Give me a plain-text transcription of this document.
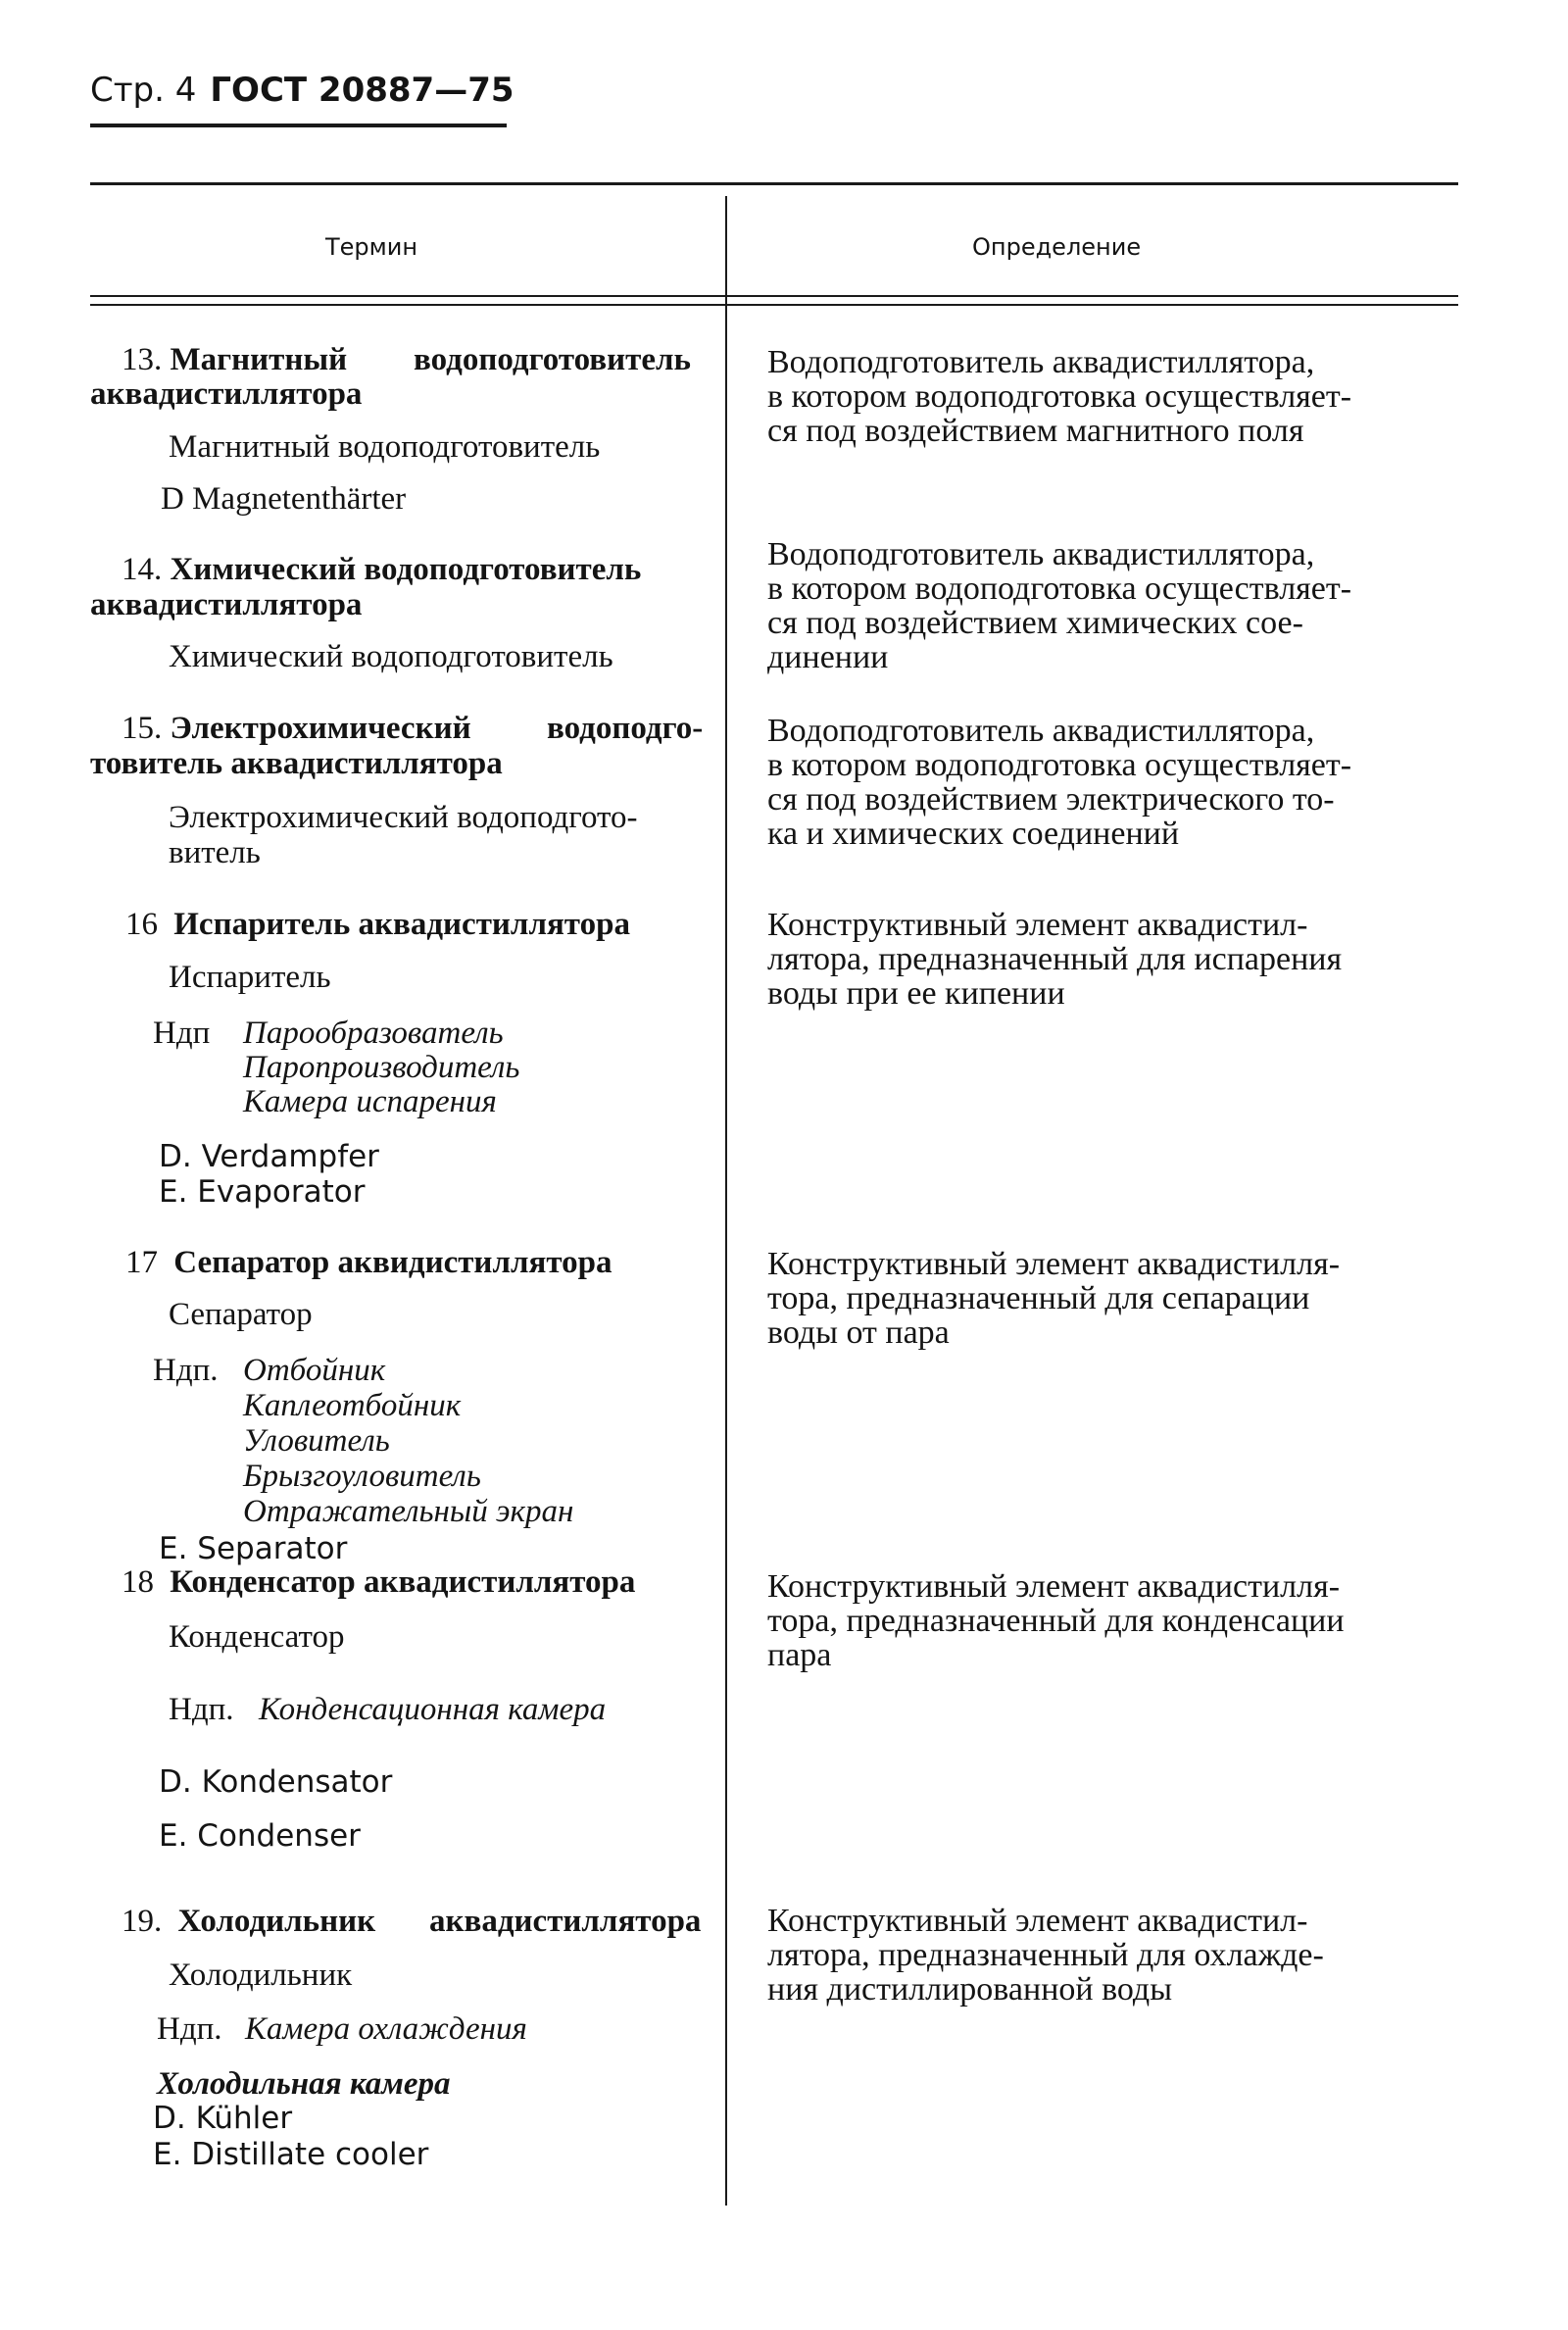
Стр. 4 ГОСТ 20887—75
Термин	Определение
13. Магнитный	водоподготовитель
аквадистиллятора
Магнитный водоподготовитель
D Magnetenthärter
Водоподготовитель аквадистиллятора,
в котором водоподготовка осуществляет-
ся под воздействием магнитного поля
14. Химический водоподготовитель
аквадистиллятора
Химический водоподготовитель
Водоподготовитель аквадистиллятора,
в котором водоподготовка осуществляет-
ся под воздействием химических сое-
динении
15. Электрохимический водоподго-
товитель аквадистиллятора
Электрохимический водоподгото-
витель
Водоподготовитель аквадистиллятора,
в котором водоподготовка осуществляет-
ся под воздействием электрического то-
ка и химических соединений
16 Испаритель аквадистиллятора
Испаритель
Ндп Парообразователь
Паропроизводитель
Камера испарения
D. Verdampfer
E. Evaporator
Конструктивный элемент аквадистил-
лятора, предназначенный для испарения
воды при ее кипении
17 Сепаратор аквидистиллятора
Сепаратор
Ндп. Отбойник
Каплеотбойник
Уловитель
Брызгоуловитель
Отражательный экран
E. Separator
Конструктивный элемент аквадистилля-
тора, предназначенный для сепарации
воды от пара
18 Конденсатор аквадистиллятора
Конденсатор
Ндп. Конденсационная камера
D. Kondensator
E. Condenser
Конструктивный элемент аквадистилля-
тора, предназначенный для конденсации
пара
19. Холодильник аквадистиллятора
Холодильник
Ндп. Камера охлаждения
Холодильная камера
D. Kühler
E. Distillate cooler
Конструктивный элемент аквадистил-
лятора, предназначенный для охлажде-
ния дистиллированной воды
